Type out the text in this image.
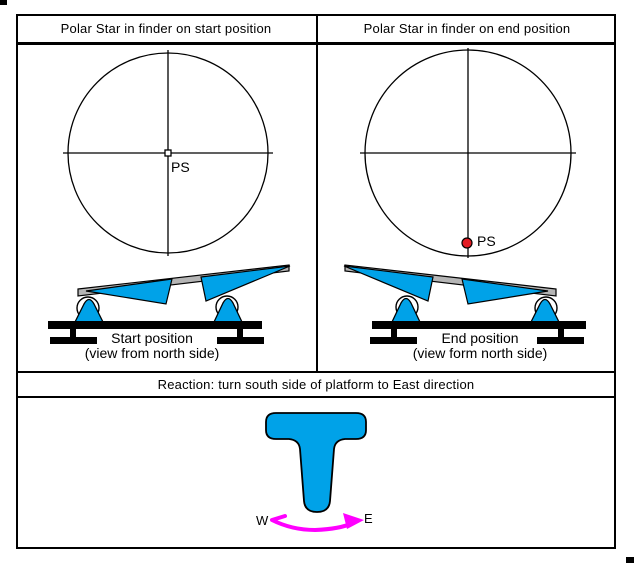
Polar Star in finder on start position	Polar Star in finder on end position
PS
PS
Start position
(view from north side)
End position
(view form north side)
Reaction: turn south side of platform to East direction
W	E
